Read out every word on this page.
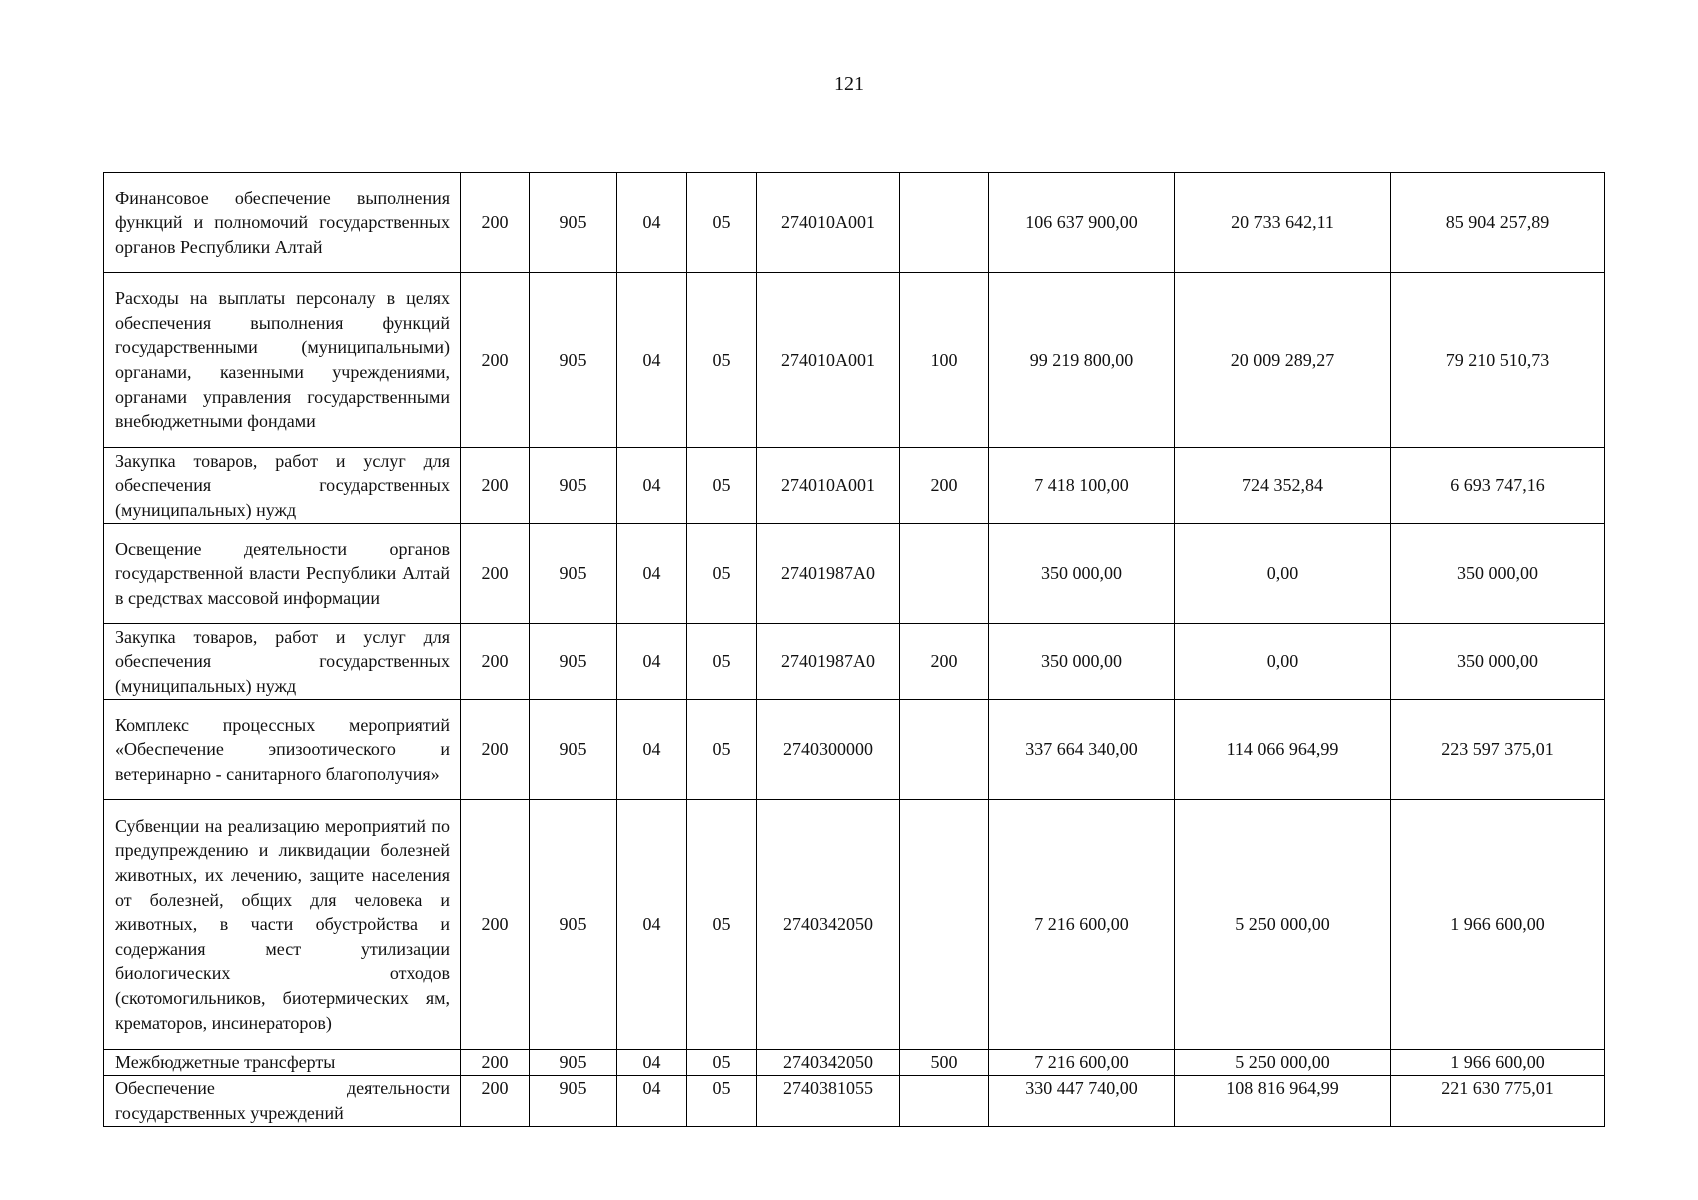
121
Финансовое обеспечение выполнения функций и полномочий государственных органов Республики Алтай	200	905	04	05	274010А001		106 637 900,00	20 733 642,11	85 904 257,89
Расходы на выплаты персоналу в целях обеспечения выполнения функций государственными (муниципальными) органами, казенными учреждениями, органами управления государственными внебюджетными фондами	200	905	04	05	274010А001	100	99 219 800,00	20 009 289,27	79 210 510,73
Закупка товаров, работ и услуг для обеспечения государственных (муниципальных) нужд	200	905	04	05	274010А001	200	7 418 100,00	724 352,84	6 693 747,16
Освещение деятельности органов государственной власти Республики Алтай в средствах массовой информации	200	905	04	05	27401987А0		350 000,00	0,00	350 000,00
Закупка товаров, работ и услуг для обеспечения государственных (муниципальных) нужд	200	905	04	05	27401987А0	200	350 000,00	0,00	350 000,00
Комплекс процессных мероприятий «Обеспечение эпизоотического и ветеринарно - санитарного благополучия»	200	905	04	05	2740300000		337 664 340,00	114 066 964,99	223 597 375,01
Субвенции на реализацию мероприятий по предупреждению и ликвидации болезней животных, их лечению, защите населения от болезней, общих для человека и животных, в части обустройства и содержания мест утилизации биологических отходов (скотомогильников, биотермических ям, крематоров, инсинераторов)	200	905	04	05	2740342050		7 216 600,00	5 250 000,00	1 966 600,00
Межбюджетные трансферты	200	905	04	05	2740342050	500	7 216 600,00	5 250 000,00	1 966 600,00

Обеспечение деятельности государственных учреждений	200	905	04	05	2740381055		330 447 740,00	108 816 964,99	221 630 775,01
